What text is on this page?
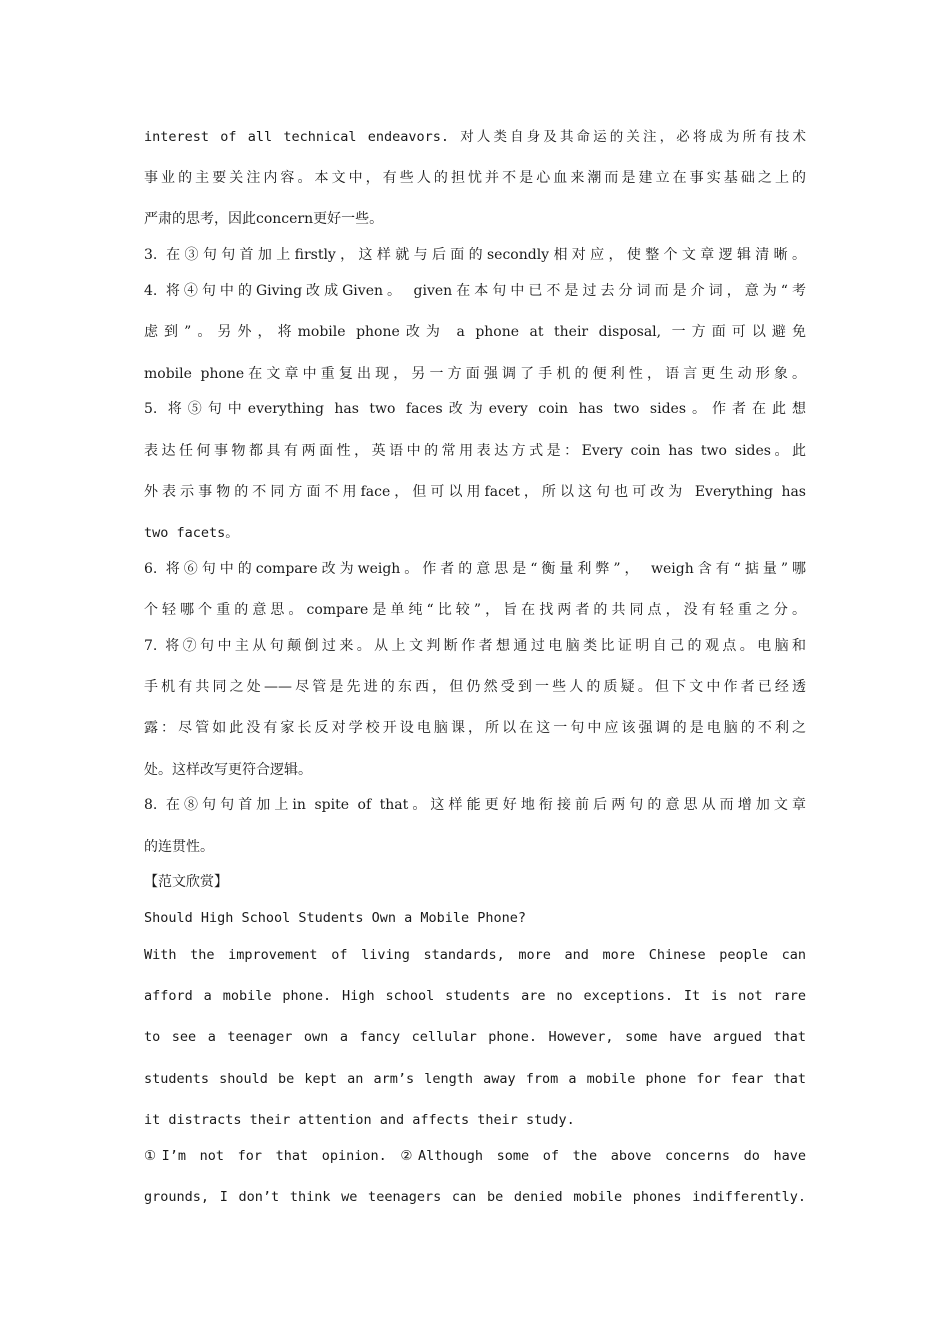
interest of all technical endeavors. 对人类自身及其命运的关注，必将成为所有技术
事业的主要关注内容。本文中，有些人的担忧并不是心血来潮而是建立在事实基础之上的
严肃的思考，因此concern更好一些。
3. 在③句句首加上firstly，这样就与后面的secondly相对应，使整个文章逻辑清晰。
4. 将④句中的Giving改成Given。 given在本句中已不是过去分词而是介词，意为“考
虑到”。另外，将mobile phone改为 a phone at their disposal, 一方面可以避免
mobile phone在文章中重复出现，另一方面强调了手机的便利性，语言更生动形象。
5. 将⑤句中everything has two faces改为every coin has two sides。作者在此想
表达任何事物都具有两面性，英语中的常用表达方式是：Every coin has two sides。此
外表示事物的不同方面不用face，但可以用facet，所以这句也可改为 Everything has
two facets。
6. 将⑥句中的compare改为weigh。作者的意思是“衡量利弊”， weigh含有“掂量”哪
个轻哪个重的意思。compare是单纯“比较”，旨在找两者的共同点，没有轻重之分。
7. 将⑦句中主从句颠倒过来。从上文判断作者想通过电脑类比证明自己的观点。电脑和
手机有共同之处——尽管是先进的东西，但仍然受到一些人的质疑。但下文中作者已经透
露：尽管如此没有家长反对学校开设电脑课，所以在这一句中应该强调的是电脑的不利之
处。这样改写更符合逻辑。
8. 在⑧句句首加上in spite of that。这样能更好地衔接前后两句的意思从而增加文章
的连贯性。
【范文欣赏】
Should High School Students Own a Mobile Phone?
With the improvement of living standards, more and more Chinese people can
afford a mobile phone. High school students are no exceptions. It is not rare
to see a teenager own a fancy cellular phone. However, some have argued that
students should be kept an arm’s length away from a mobile phone for fear that
it distracts their attention and affects their study.
①I’m not for that opinion. ②Although some of the above concerns do have
grounds, I don’t think we teenagers can be denied mobile phones indifferently.
